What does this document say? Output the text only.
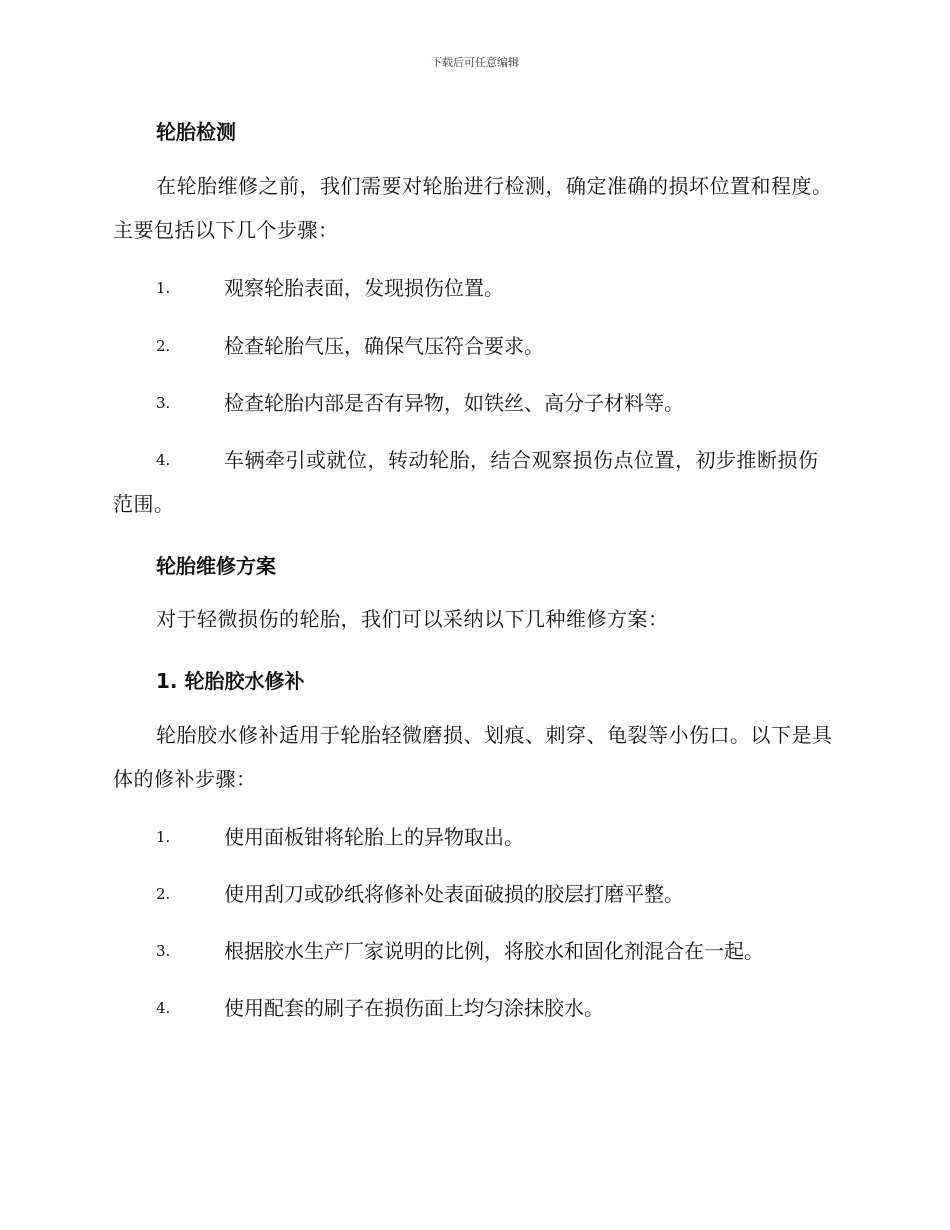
下载后可任意编辑
轮胎检测
在轮胎维修之前，我们需要对轮胎进行检测，确定准确的损坏位置和程度。主要包括以下几个步骤：
1.	观察轮胎表面，发现损伤位置。
2.	检查轮胎气压，确保气压符合要求。
3.	检查轮胎内部是否有异物，如铁丝、高分子材料等。
4.	车辆牵引或就位，转动轮胎，结合观察损伤点位置，初步推断损伤范围。
轮胎维修方案
对于轻微损伤的轮胎，我们可以采纳以下几种维修方案：
1. 轮胎胶水修补
轮胎胶水修补适用于轮胎轻微磨损、划痕、刺穿、龟裂等小伤口。以下是具体的修补步骤：
1.	使用面板钳将轮胎上的异物取出。
2.	使用刮刀或砂纸将修补处表面破损的胶层打磨平整。
3.	根据胶水生产厂家说明的比例，将胶水和固化剂混合在一起。
4.	使用配套的刷子在损伤面上均匀涂抹胶水。
